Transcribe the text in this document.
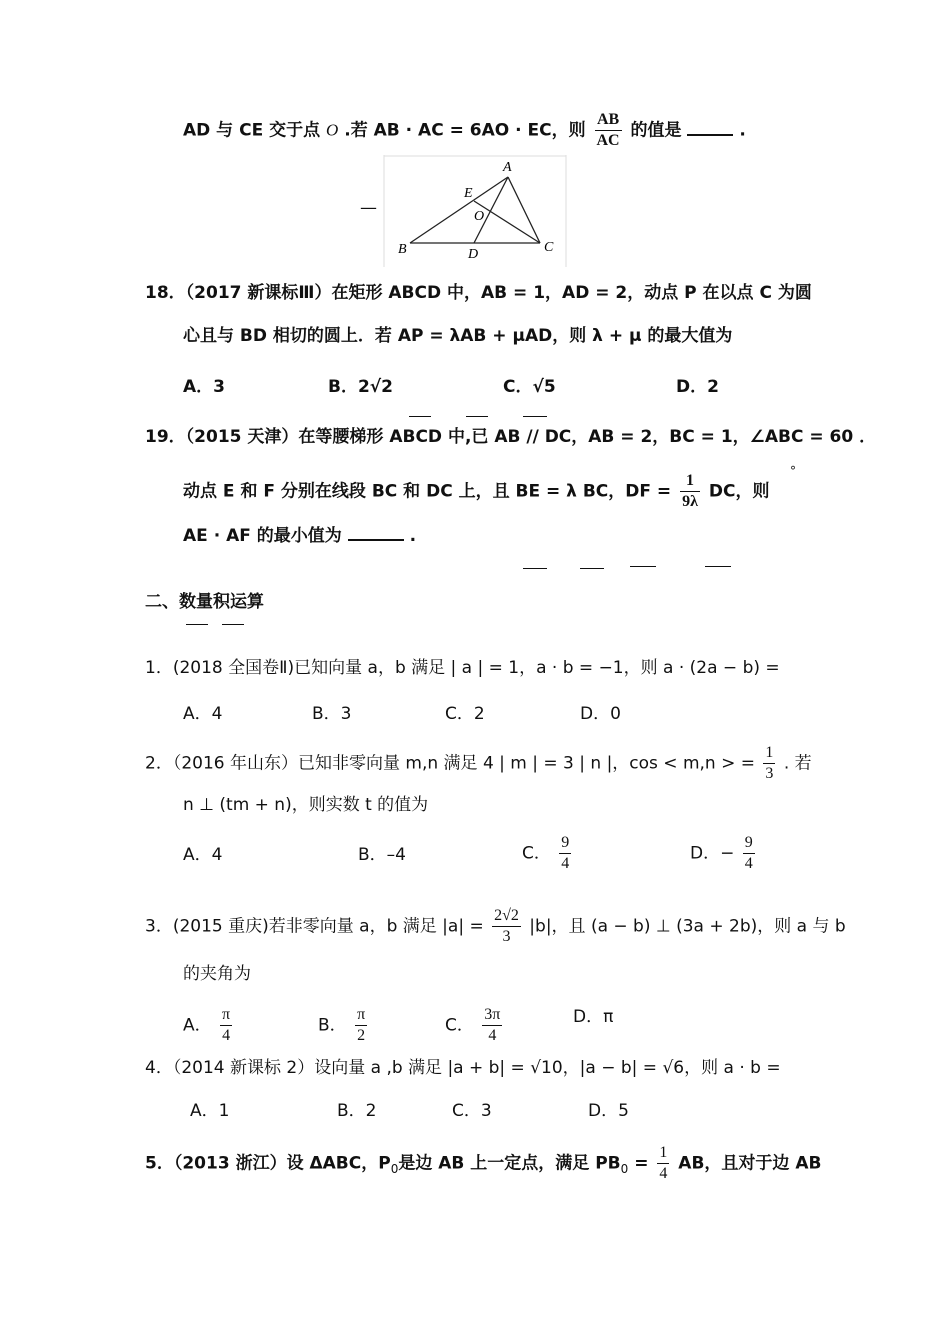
AD 与 CE 交于点 O .若 AB · AC = 6AO · EC，则 $\frac{AB}{AC}$ 的值是	.
A
E
O
B	D	C
—
18．（2017 新课标Ⅲ）在矩形 ABCD 中，AB = 1，AD = 2，动点 P 在以点 C 为圆
心且与 BD 相切的圆上．若 AP = λAB + μAD，则 λ + μ 的最大值为
A．3	B．2√2	C．√5	D．2
19．（2015 天津）在等腰梯形 ABCD 中,已 AB // DC，AB = 2，BC = 1，∠ABC = 60 ．
动点 E 和 F 分别在线段 BC 和 DC 上，且 BE = λ BC，DF = $\frac{1}{9\lambda}$ DC，则
°
AE · AF 的最小值为	.
二、数量积运算
1．(2018 全国卷Ⅱ)已知向量 a，b 满足 | a | = 1，a · b = −1，则 a · (2a − b) =
A．4	B．3	C．2	D．0
2．（2016 年山东）已知非零向量 m,n 满足 4 | m | = 3 | n |，cos < m,n > = $\frac{1}{3}$ . 若
n ⊥ (tm + n)，则实数 t 的值为
A．4	B．–4	C． $\frac{9}{4}$	D．− $\frac{9}{4}$
3．(2015 重庆)若非零向量 a，b 满足 $|a| = \frac{2√2}{3} |b|$，且 (a − b) ⊥ (3a + 2b)，则 a 与 b
的夹角为
A． $\frac{\pi}{4}$	B． $\frac{\pi}{2}$	C． $\frac{3\pi}{4}$	D．π
4．（2014 新课标 2）设向量 a ,b 满足 |a + b| = √10，|a − b| = √6，则 a · b =
A．1	B．2	C．3	D．5
5．（2013 浙江）设 ΔABC，$P_0$是边 AB 上一定点，满足 $PB_0 = \frac{1}{4}$ AB，且对于边 AB
